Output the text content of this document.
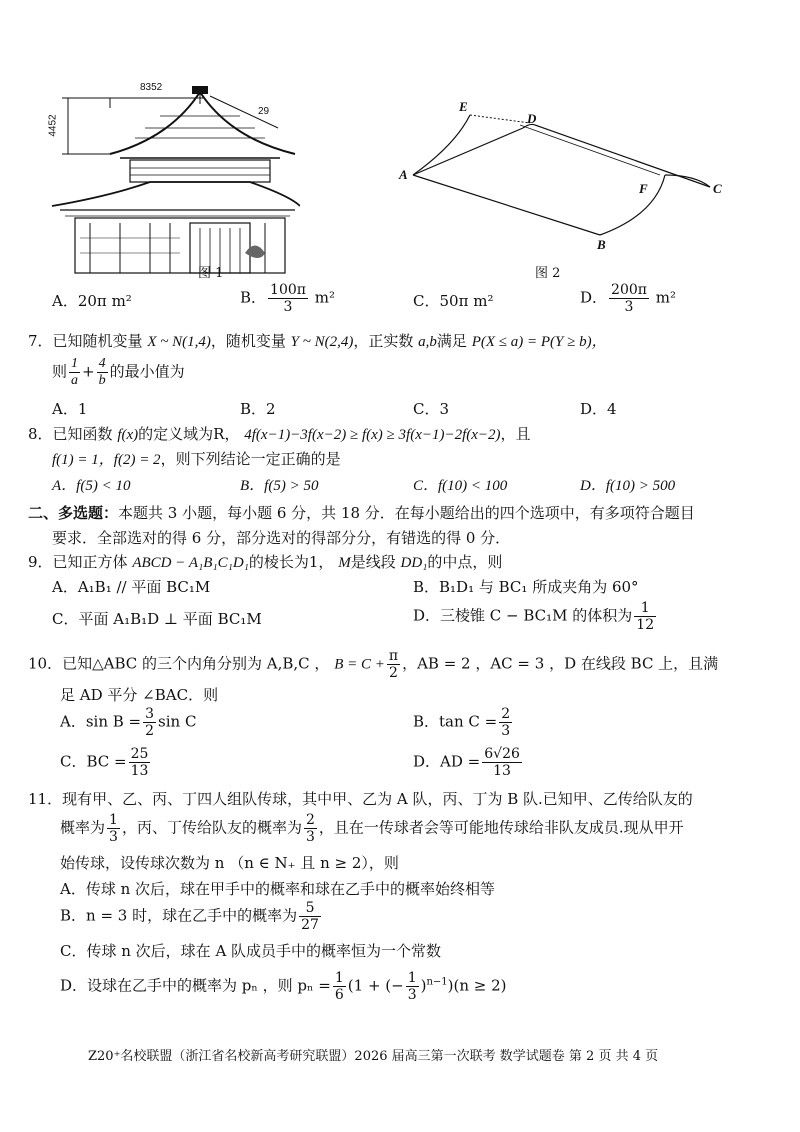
8352
4452
29
图 1
E
D
A
F	C
B
图 2
A．20π m²	B． $\frac{100\pi}{3} m^2$	C．50π m²	D． $\frac{200\pi}{3} m^2$
7．已知随机变量 X ~ N(1,4)，随机变量 Y ~ N(2,4)，正实数 a,b满足 P(X ≤ a) = P(Y ≥ b)，
则 $\frac{1}{a} + \frac{4}{b}$ 的最小值为
A．1	B．2	C．3	D．4
8．已知函数 f(x)的定义域为R， 4f(x−1)−3f(x−2) ≥ f(x) ≥ 3f(x−1)−2f(x−2)，且
f(1) = 1，f(2) = 2，则下列结论一定正确的是
A．f(5) < 10	B．f(5) > 50	C．f(10) < 100	D．f(10) > 500
二、多选题：本题共 3 小题，每小题 6 分，共 18 分．在每小题给出的四个选项中，有多项符合题目
要求．全部选对的得 6 分，部分选对的得部分分，有错选的得 0 分．
9．已知正方体 ABCD − A₁B₁C₁D₁的棱长为1， M是线段 DD₁的中点，则
A．A₁B₁ // 平面 BC₁M	B．B₁D₁ 与 BC₁ 所成夹角为 60°
C．平面 A₁B₁D ⊥ 平面 BC₁M	D．三棱锥 C − BC₁M 的体积为 $\frac{1}{12}$
10．已知△ABC 的三个内角分别为 A,B,C ， $B = C + \frac{\pi}{2}$ ，AB = 2 ，AC = 3 ，D 在线段 BC 上，且满
足 AD 平分 ∠BAC．则
A．$\sin B = \frac{3}{2}$ sin C	B．$\tan C = \frac{2}{3}$
C．BC = $\frac{25}{13}$	D．AD = $\frac{6√26}{13}$
11．现有甲、乙、丙、丁四人组队传球，其中甲、乙为 A 队，丙、丁为 B 队.已知甲、乙传给队友的
概率为 $\frac{1}{3}$ ，丙、丁传给队友的概率为 $\frac{2}{3}$ ，且在一传球者会等可能地传球给非队友成员.现从甲开
始传球，设传球次数为 n （n ∈ N₊ 且 n ≥ 2），则
A．传球 n 次后，球在甲手中的概率和球在乙手中的概率始终相等
B．n = 3 时，球在乙手中的概率为 $\frac{5}{27}$
C．传球 n 次后，球在 A 队成员手中的概率恒为一个常数
D．设球在乙手中的概率为 pₙ ，则 $p_n = \frac{1}{6} (1$ + (− $\frac{1}{3} )^{n-1})(n \ge 2)$
Z20⁺名校联盟（浙江省名校新高考研究联盟）2026 届高三第一次联考 数学试题卷 第 2 页 共 4 页
